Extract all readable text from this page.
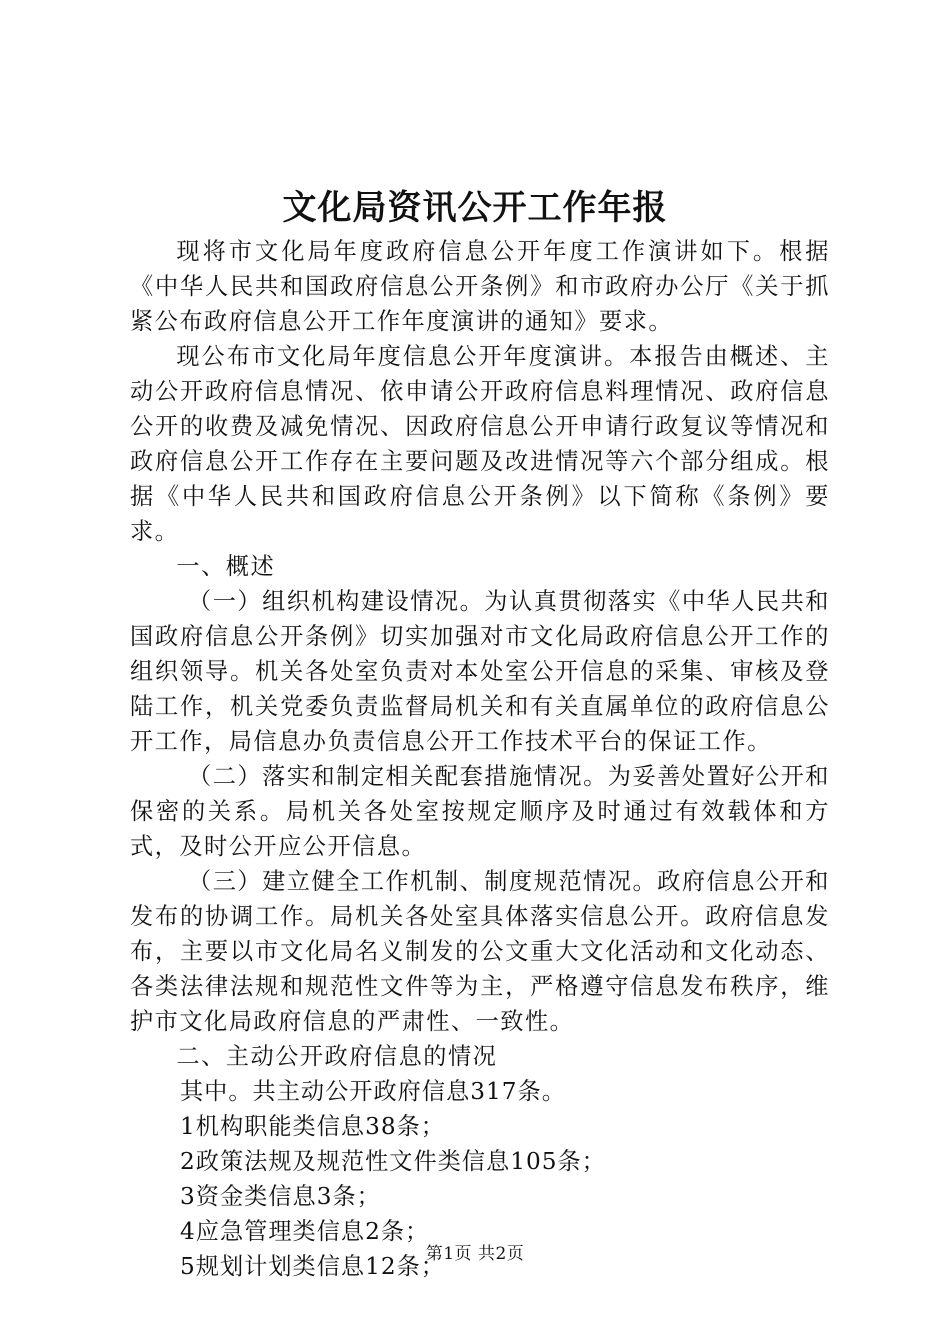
文化局资讯公开工作年报

现将市文化局年度政府信息公开年度工作演讲如下。根据《中华人民共和国政府信息公开条例》和市政府办公厅《关于抓紧公布政府信息公开工作年度演讲的通知》要求。

现公布市文化局年度信息公开年度演讲。本报告由概述、主动公开政府信息情况、依申请公开政府信息料理情况、政府信息公开的收费及减免情况、因政府信息公开申请行政复议等情况和政府信息公开工作存在主要问题及改进情况等六个部分组成。根据《中华人民共和国政府信息公开条例》以下简称《条例》要求。

一、概述

（一）组织机构建设情况。为认真贯彻落实《中华人民共和国政府信息公开条例》切实加强对市文化局政府信息公开工作的组织领导。机关各处室负责对本处室公开信息的采集、审核及登陆工作，机关党委负责监督局机关和有关直属单位的政府信息公开工作，局信息办负责信息公开工作技术平台的保证工作。

（二）落实和制定相关配套措施情况。为妥善处置好公开和保密的关系。局机关各处室按规定顺序及时通过有效载体和方式，及时公开应公开信息。

（三）建立健全工作机制、制度规范情况。政府信息公开和发布的协调工作。局机关各处室具体落实信息公开。政府信息发布，主要以市文化局名义制发的公文重大文化活动和文化动态、各类法律法规和规范性文件等为主，严格遵守信息发布秩序，维护市文化局政府信息的严肃性、一致性。

二、主动公开政府信息的情况

其中。共主动公开政府信息317条。

1机构职能类信息38条；

2政策法规及规范性文件类信息105条；

3资金类信息3条；

4应急管理类信息2条；

5规划计划类信息12条；

第1页 共2页
